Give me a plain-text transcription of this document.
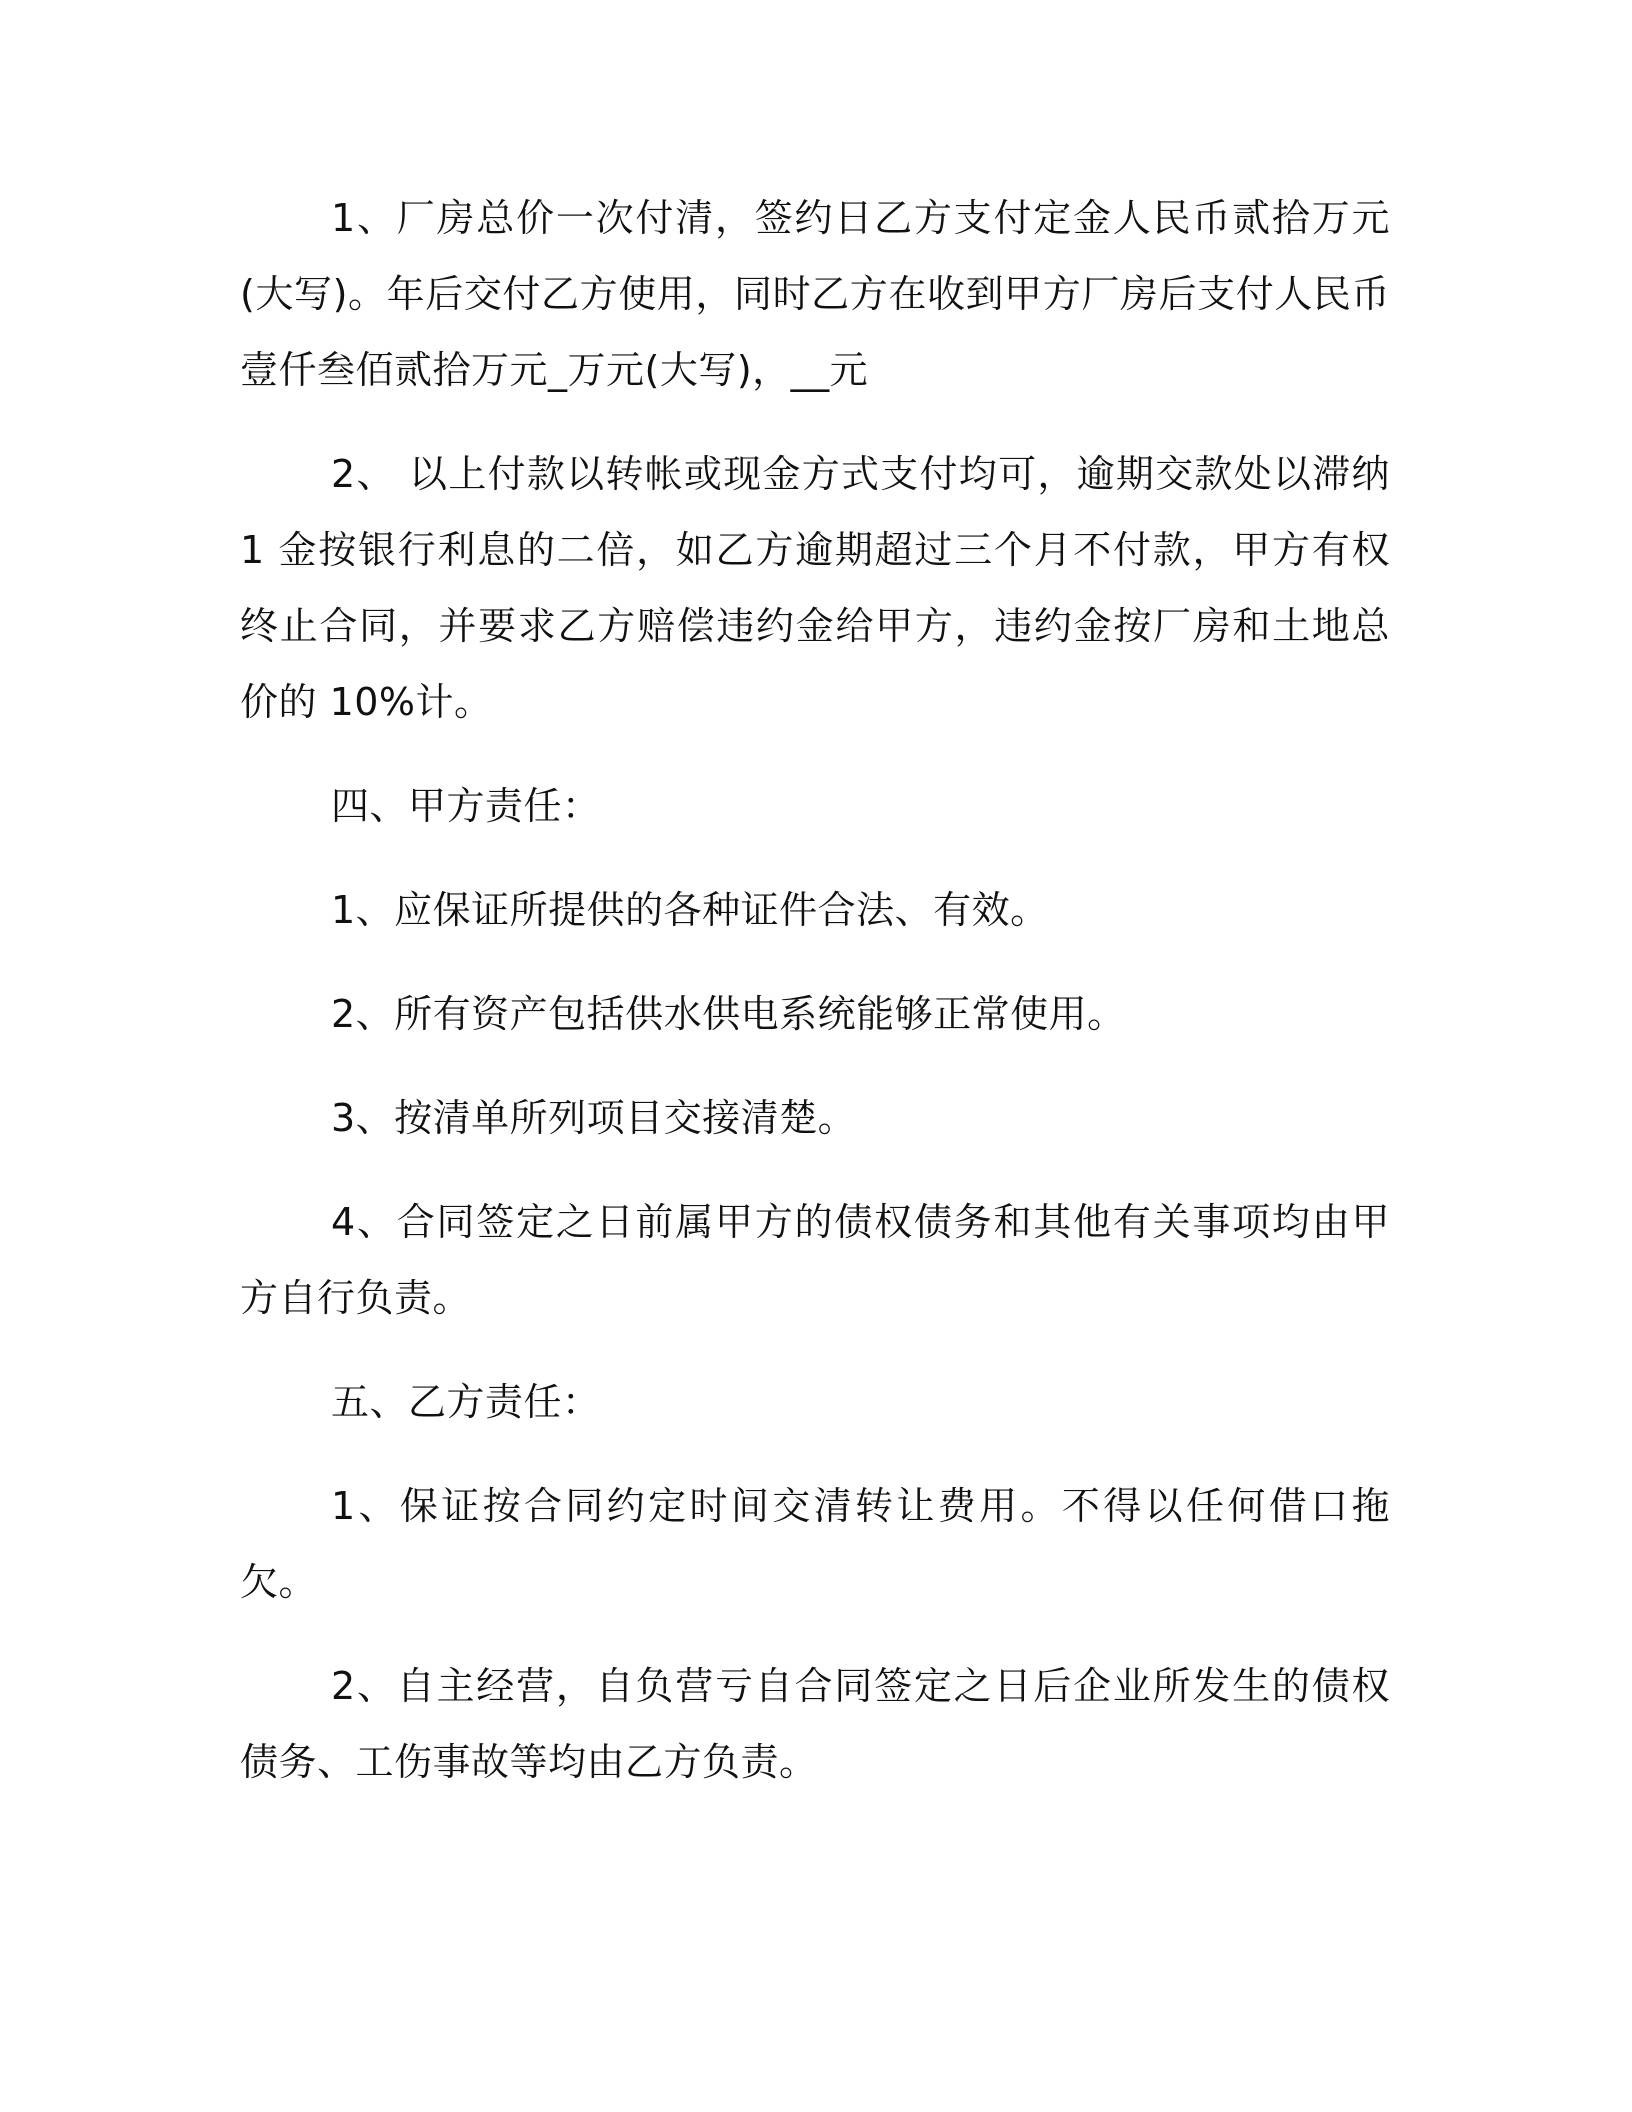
1、厂房总价一次付清，签约日乙方支付定金人民币贰拾万元(大写)。年后交付乙方使用，同时乙方在收到甲方厂房后支付人民币壹仟叁佰贰拾万元_万元(大写)，__元

2、 以上付款以转帐或现金方式支付均可，逾期交款处以滞纳 1 金按银行利息的二倍，如乙方逾期超过三个月不付款，甲方有权终止合同，并要求乙方赔偿违约金给甲方，违约金按厂房和土地总价的 10%计。

四、甲方责任：

1、应保证所提供的各种证件合法、有效。

2、所有资产包括供水供电系统能够正常使用。

3、按清单所列项目交接清楚。

4、合同签定之日前属甲方的债权债务和其他有关事项均由甲方自行负责。

五、乙方责任：

1、保证按合同约定时间交清转让费用。不得以任何借口拖欠。

2、自主经营，自负营亏自合同签定之日后企业所发生的债权债务、工伤事故等均由乙方负责。
